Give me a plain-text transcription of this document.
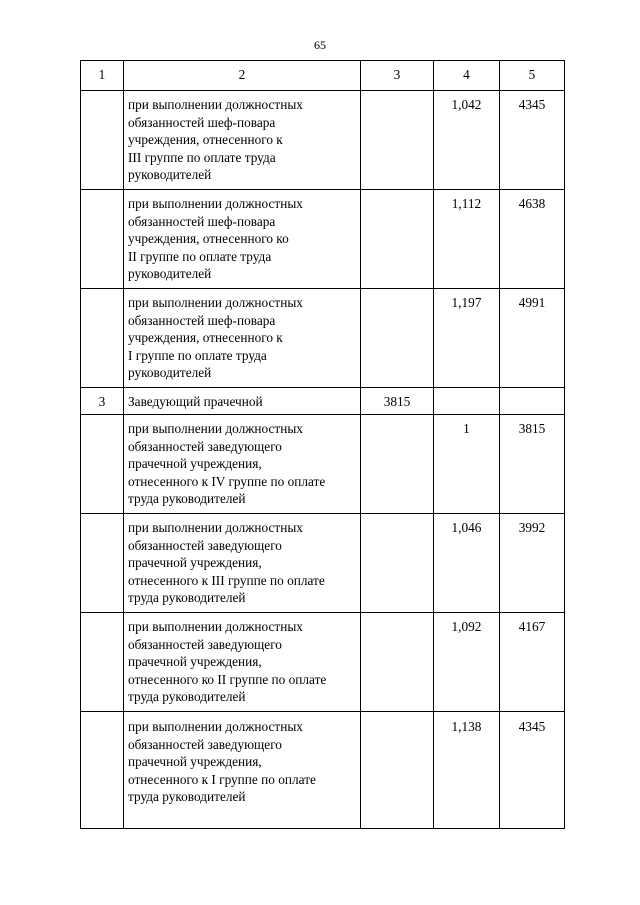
65
1	2	3	4	5
	при выполнении должностных
обязанностей шеф-повара
учреждения, отнесенного к
III группе по оплате труда
руководителей		1,042	4345
	при выполнении должностных
обязанностей шеф-повара
учреждения, отнесенного ко
II группе по оплате труда
руководителей		1,112	4638
	при выполнении должностных
обязанностей шеф-повара
учреждения, отнесенного к
I группе по оплате труда
руководителей		1,197	4991
3	Заведующий прачечной	3815		
	при выполнении должностных
обязанностей заведующего
прачечной учреждения,
отнесенного к IV группе по оплате
труда руководителей		1	3815
	при выполнении должностных
обязанностей заведующего
прачечной учреждения,
отнесенного к III группе по оплате
труда руководителей		1,046	3992
	при выполнении должностных
обязанностей заведующего
прачечной учреждения,
отнесенного ко II группе по оплате
труда руководителей		1,092	4167
	при выполнении должностных
обязанностей заведующего
прачечной учреждения,
отнесенного к I группе по оплате
труда руководителей		1,138	4345
